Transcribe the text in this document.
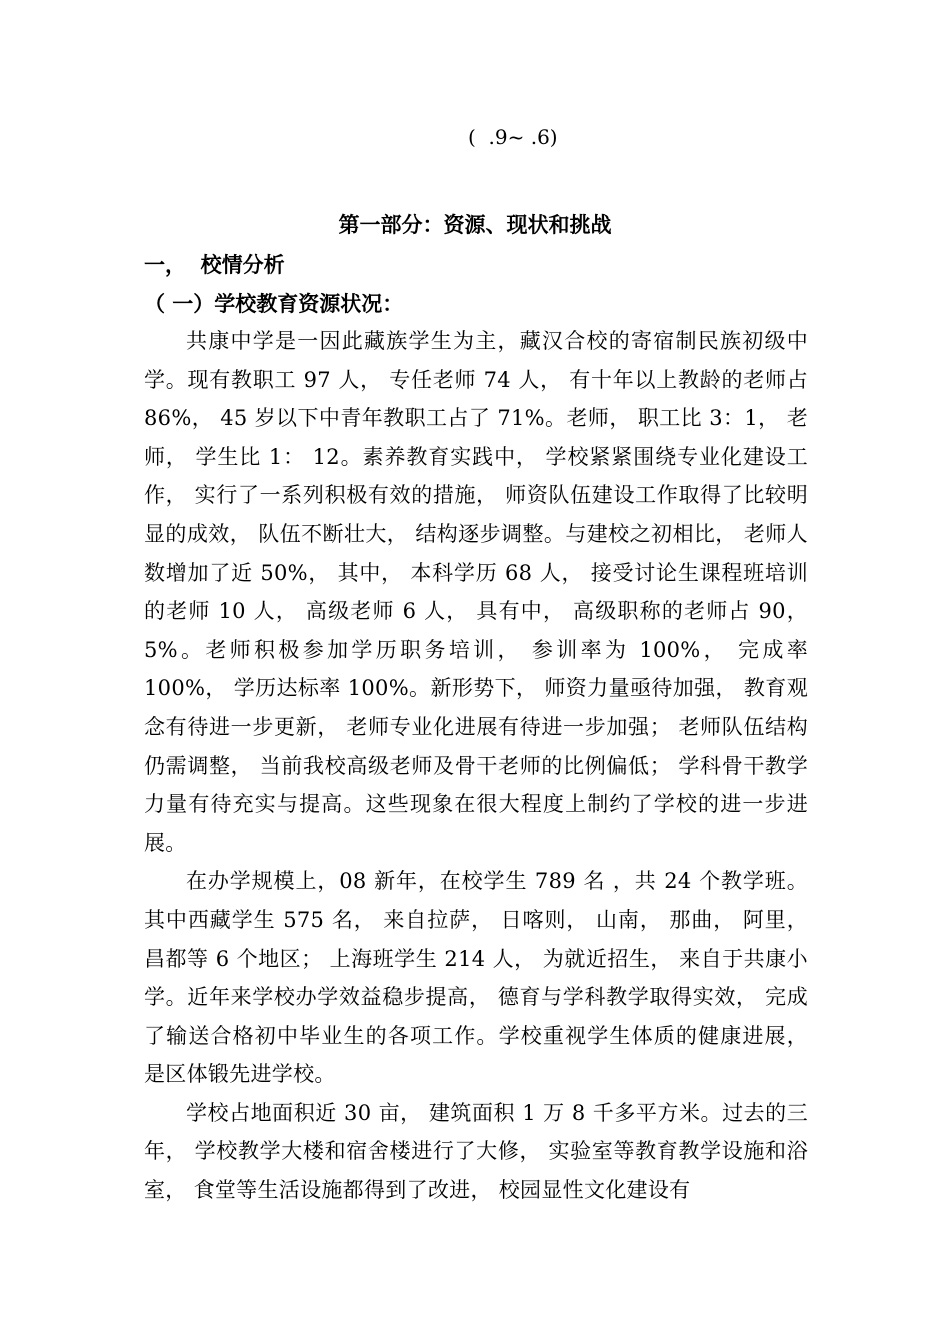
(  .9~ .6)
第一部分：资源、现状和挑战
一，  校情分析
（ 一）学校教育资源状况：

共康中学是一因此藏族学生为主，藏汉合校的寄宿制民族初级中学。现有教职工 97 人， 专任老师 74 人， 有十年以上教龄的老师占 86%， 45 岁以下中青年教职工占了 71%。老师， 职工比 3：1， 老师， 学生比 1： 12。素养教育实践中， 学校紧紧围绕专业化建设工作， 实行了一系列积极有效的措施， 师资队伍建设工作取得了比较明显的成效， 队伍不断壮大， 结构逐步调整。与建校之初相比， 老师人数增加了近 50%， 其中， 本科学历 68 人， 接受讨论生课程班培训的老师 10 人， 高级老师 6 人， 具有中， 高级职称的老师占 90， 5%。老师积极参加学历职务培训， 参训率为 100%， 完成率 100%， 学历达标率 100%。新形势下， 师资力量亟待加强， 教育观念有待进一步更新， 老师专业化进展有待进一步加强； 老师队伍结构仍需调整， 当前我校高级老师及骨干老师的比例偏低； 学科骨干教学力量有待充实与提高。这些现象在很大程度上制约了学校的进一步进展。

在办学规模上，08 新年，在校学生 789 名 ，共 24 个教学班。其中西藏学生 575 名， 来自拉萨， 日喀则， 山南， 那曲， 阿里， 昌都等 6 个地区； 上海班学生 214 人， 为就近招生， 来自于共康小学。近年来学校办学效益稳步提高， 德育与学科教学取得实效， 完成了输送合格初中毕业生的各项工作。学校重视学生体质的健康进展， 是区体锻先进学校。

学校占地面积近 30 亩， 建筑面积 1 万 8 千多平方米。过去的三年， 学校教学大楼和宿舍楼进行了大修， 实验室等教育教学设施和浴室， 食堂等生活设施都得到了改进， 校园显性文化建设有
